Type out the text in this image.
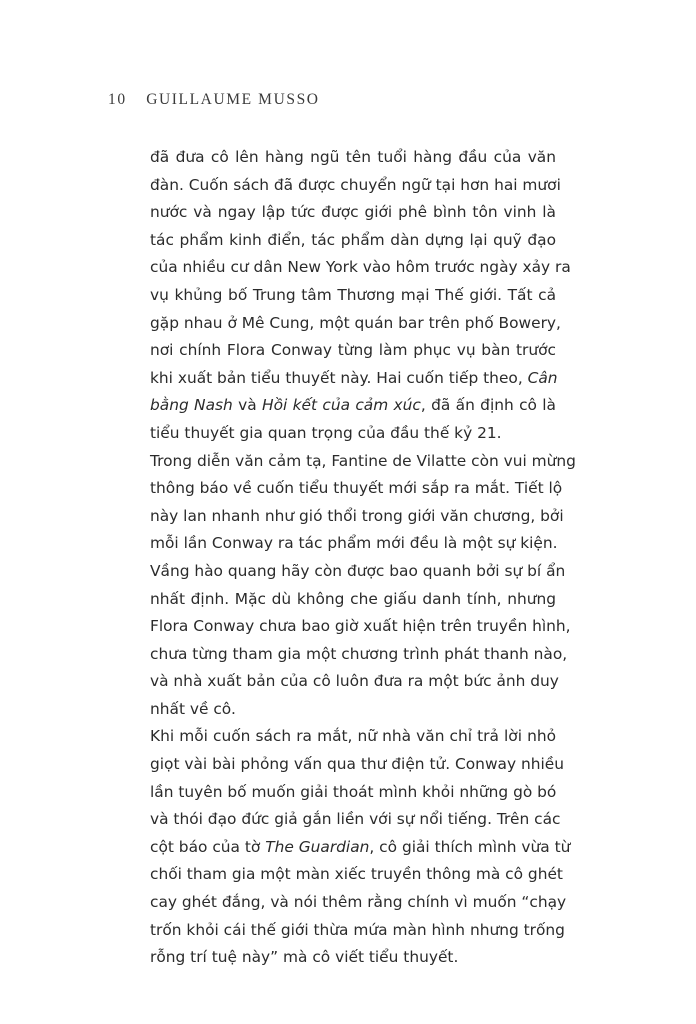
10 GUILLAUME MUSSO
đã đưa cô lên hàng ngũ tên tuổi hàng đầu của văn
đàn. Cuốn sách đã được chuyển ngữ tại hơn hai mươi
nước và ngay lập tức được giới phê bình tôn vinh là
tác phẩm kinh điển, tác phẩm dàn dựng lại quỹ đạo
của nhiều cư dân New York vào hôm trước ngày xảy ra
vụ khủng bố Trung tâm Thương mại Thế giới. Tất cả
gặp nhau ở Mê Cung, một quán bar trên phố Bowery,
nơi chính Flora Conway từng làm phục vụ bàn trước
khi xuất bản tiểu thuyết này. Hai cuốn tiếp theo, Cân
bằng Nash và Hồi kết của cảm xúc, đã ấn định cô là
tiểu thuyết gia quan trọng của đầu thế kỷ 21.
Trong diễn văn cảm tạ, Fantine de Vilatte còn vui mừng
thông báo về cuốn tiểu thuyết mới sắp ra mắt. Tiết lộ
này lan nhanh như gió thổi trong giới văn chương, bởi
mỗi lần Conway ra tác phẩm mới đều là một sự kiện.
Vầng hào quang hãy còn được bao quanh bởi sự bí ẩn
nhất định. Mặc dù không che giấu danh tính, nhưng
Flora Conway chưa bao giờ xuất hiện trên truyền hình,
chưa từng tham gia một chương trình phát thanh nào,
và nhà xuất bản của cô luôn đưa ra một bức ảnh duy
nhất về cô.
Khi mỗi cuốn sách ra mắt, nữ nhà văn chỉ trả lời nhỏ
giọt vài bài phỏng vấn qua thư điện tử. Conway nhiều
lần tuyên bố muốn giải thoát mình khỏi những gò bó
và thói đạo đức giả gắn liền với sự nổi tiếng. Trên các
cột báo của tờ The Guardian, cô giải thích mình vừa từ
chối tham gia một màn xiếc truyền thông mà cô ghét
cay ghét đắng, và nói thêm rằng chính vì muốn “chạy
trốn khỏi cái thế giới thừa mứa màn hình nhưng trống
rỗng trí tuệ này” mà cô viết tiểu thuyết.
